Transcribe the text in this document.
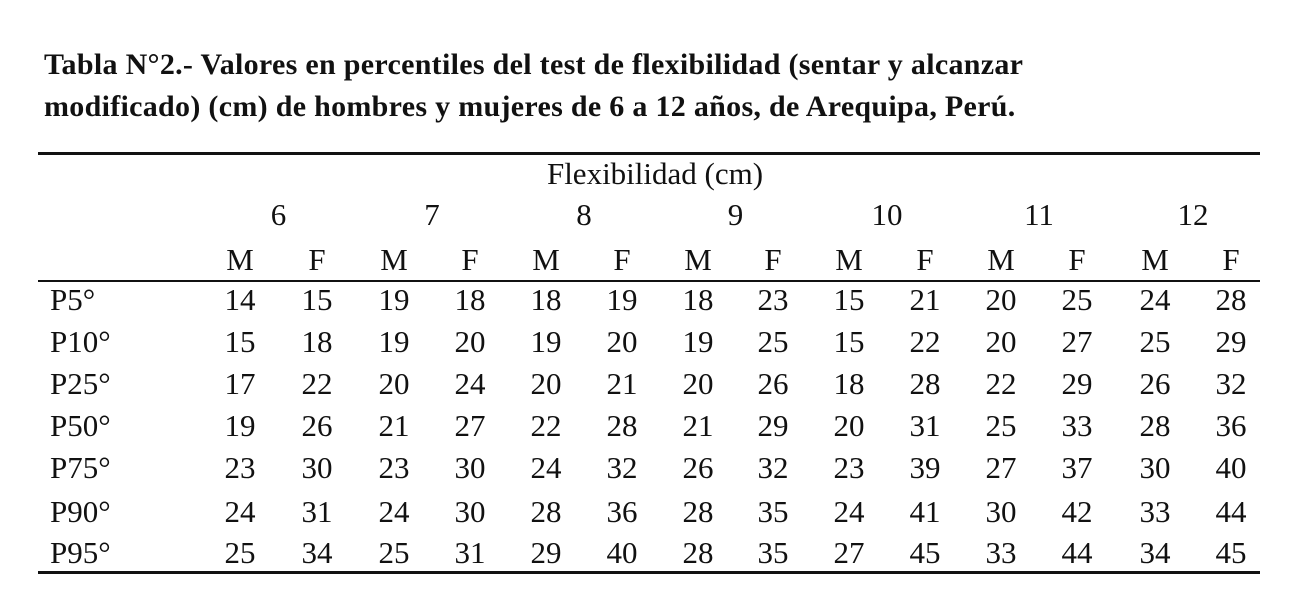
Tabla N°2.- Valores en percentiles del test de flexibilidad (sentar y alcanzar
modificado) (cm) de hombres y mujeres de 6 a 12 años, de Arequipa, Perú.
Flexibilidad (cm)
6	7	8	9	10	11	12
M F M F M F M F M F M F M F
P5°	14 15 19 18 18 19 18 23 15 21 20 25 24 28
P10°	15 18 19 20 19 20 19 25 15 22 20 27 25 29
P25°	17 22 20 24 20 21 20 26 18 28 22 29 26 32
P50°	19 26 21 27 22 28 21 29 20 31 25 33 28 36
P75°	23 30 23 30 24 32 26 32 23 39 27 37 30 40
P90°	24 31 24 30 28 36 28 35 24 41 30 42 33 44
P95°	25 34 25 31 29 40 28 35 27 45 33 44 34 45
